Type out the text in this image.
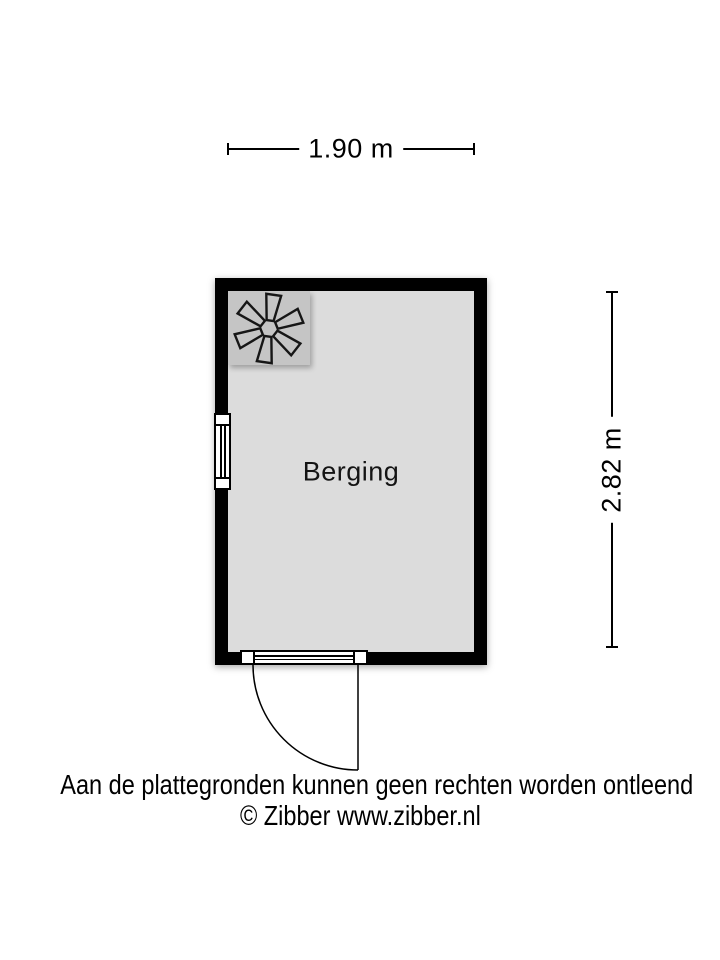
1.90 m
2.82 m
Berging
Aan de plattegronden kunnen geen rechten worden ontleend
© Zibber www.zibber.nl
